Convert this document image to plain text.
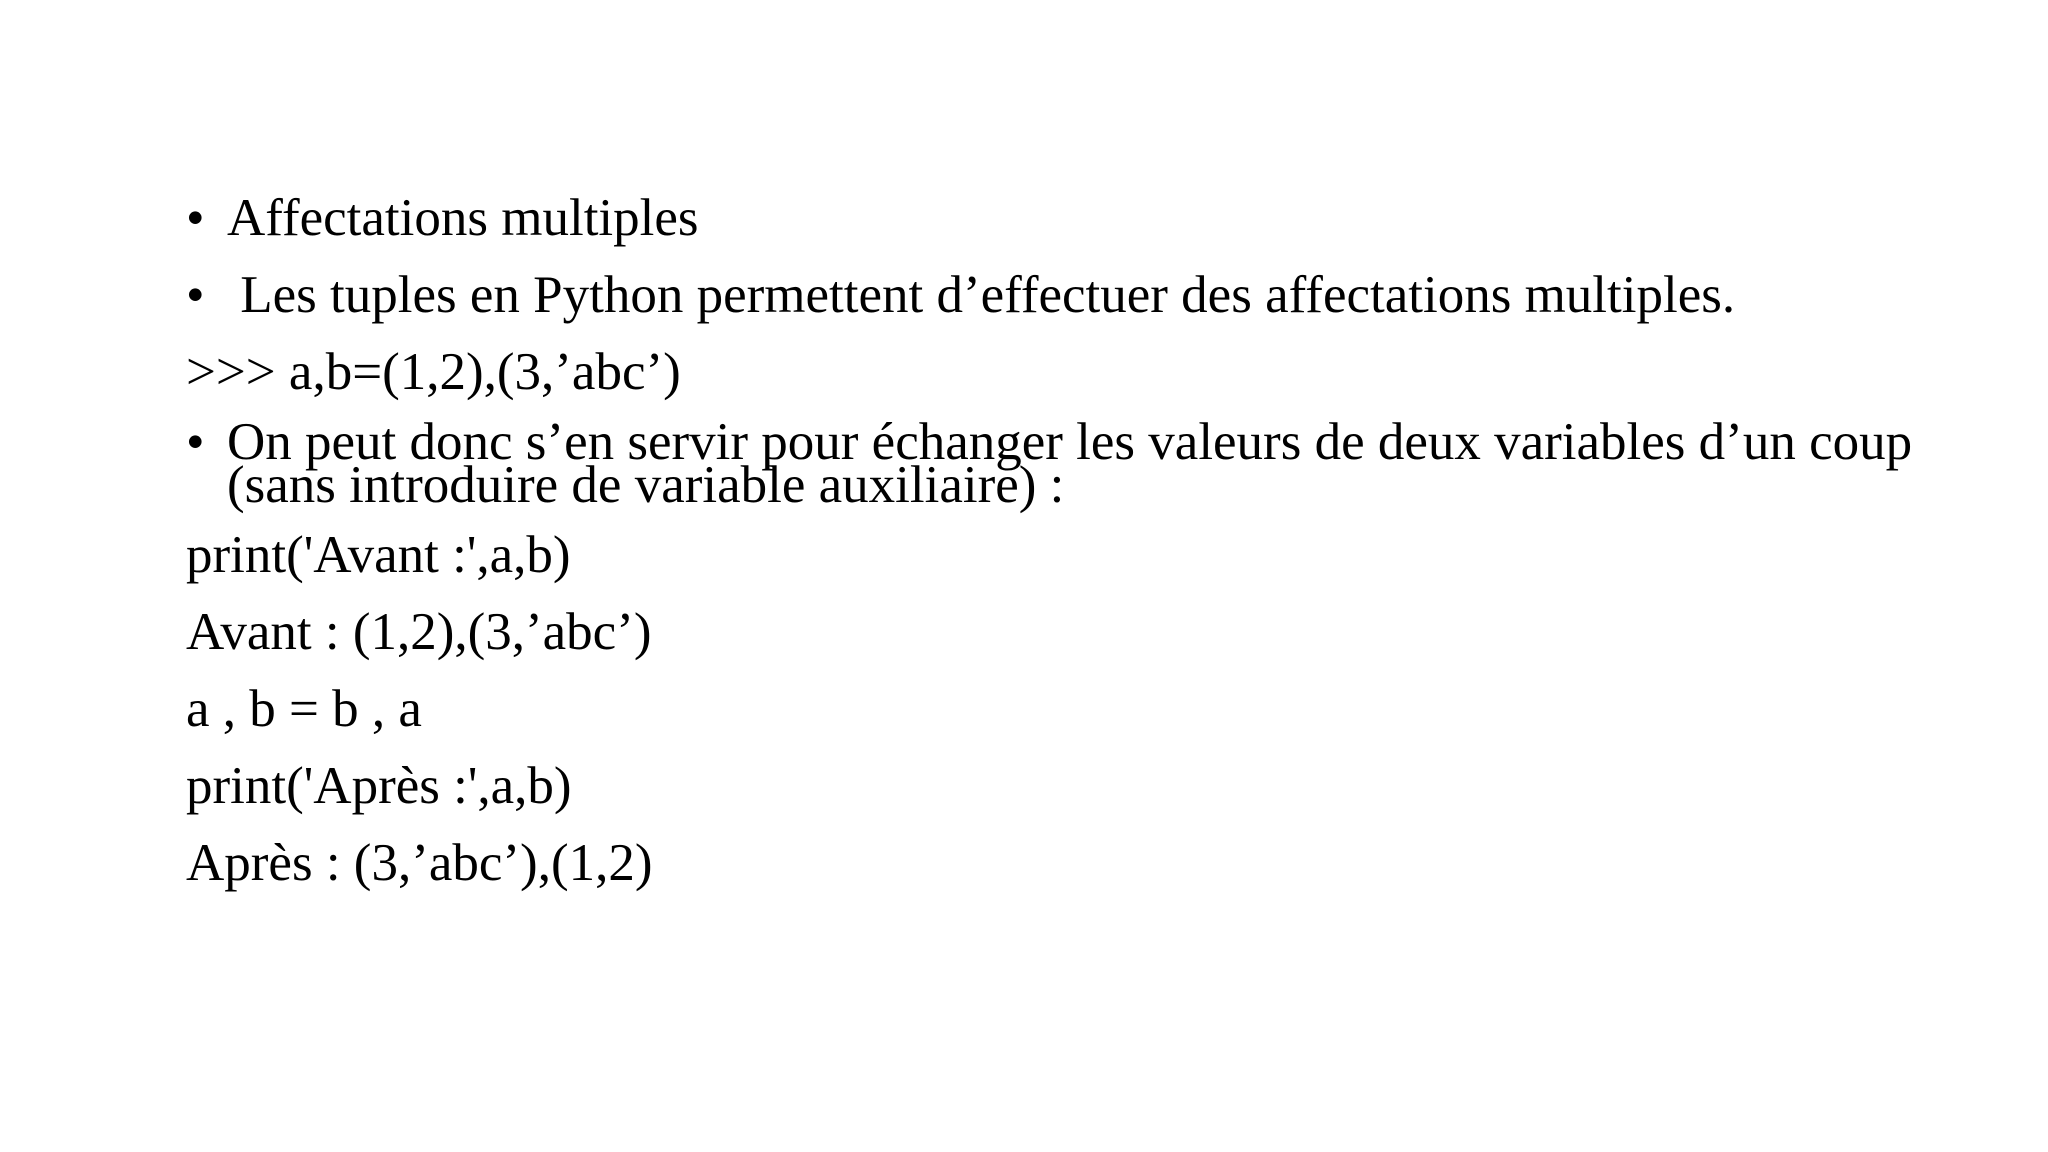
• Affectations multiples
• Les tuples en Python permettent d’effectuer des affectations multiples.
>>> a,b=(1,2),(3,’abc’)
• On peut donc s’en servir pour échanger les valeurs de deux variables d’un coup (sans introduire de variable auxiliaire) :
print('Avant :',a,b)
Avant : (1,2),(3,’abc’)
a , b = b , a
print('Après :',a,b)
Après : (3,’abc’),(1,2)
